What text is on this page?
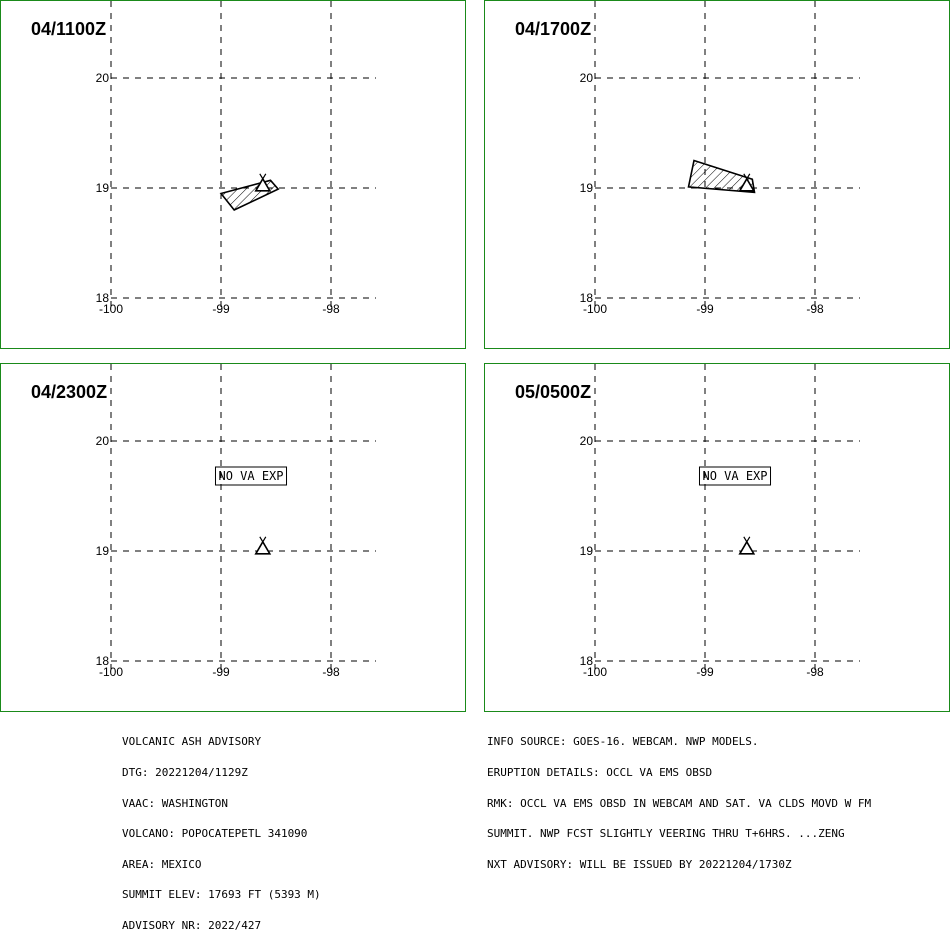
04/1100Z
-100	-99	-98
20
19
18
04/1700Z
-100	-99	-98
20
19
18
04/2300Z
-100	-99	-98
20
19
18
NO VA EXP
05/0500Z
-100	-99	-98
20
19
18
NO VA EXP

VOLCANIC ASH ADVISORY

DTG: 20221204/1129Z

VAAC: WASHINGTON

VOLCANO: POPOCATEPETL 341090

AREA: MEXICO

SUMMIT ELEV: 17693 FT (5393 M)

ADVISORY NR: 2022/427

INFO SOURCE: GOES-16. WEBCAM. NWP MODELS.

ERUPTION DETAILS: OCCL VA EMS OBSD

RMK: OCCL VA EMS OBSD IN WEBCAM AND SAT. VA CLDS MOVD W FM

SUMMIT. NWP FCST SLIGHTLY VEERING THRU T+6HRS. ...ZENG

NXT ADVISORY: WILL BE ISSUED BY 20221204/1730Z
